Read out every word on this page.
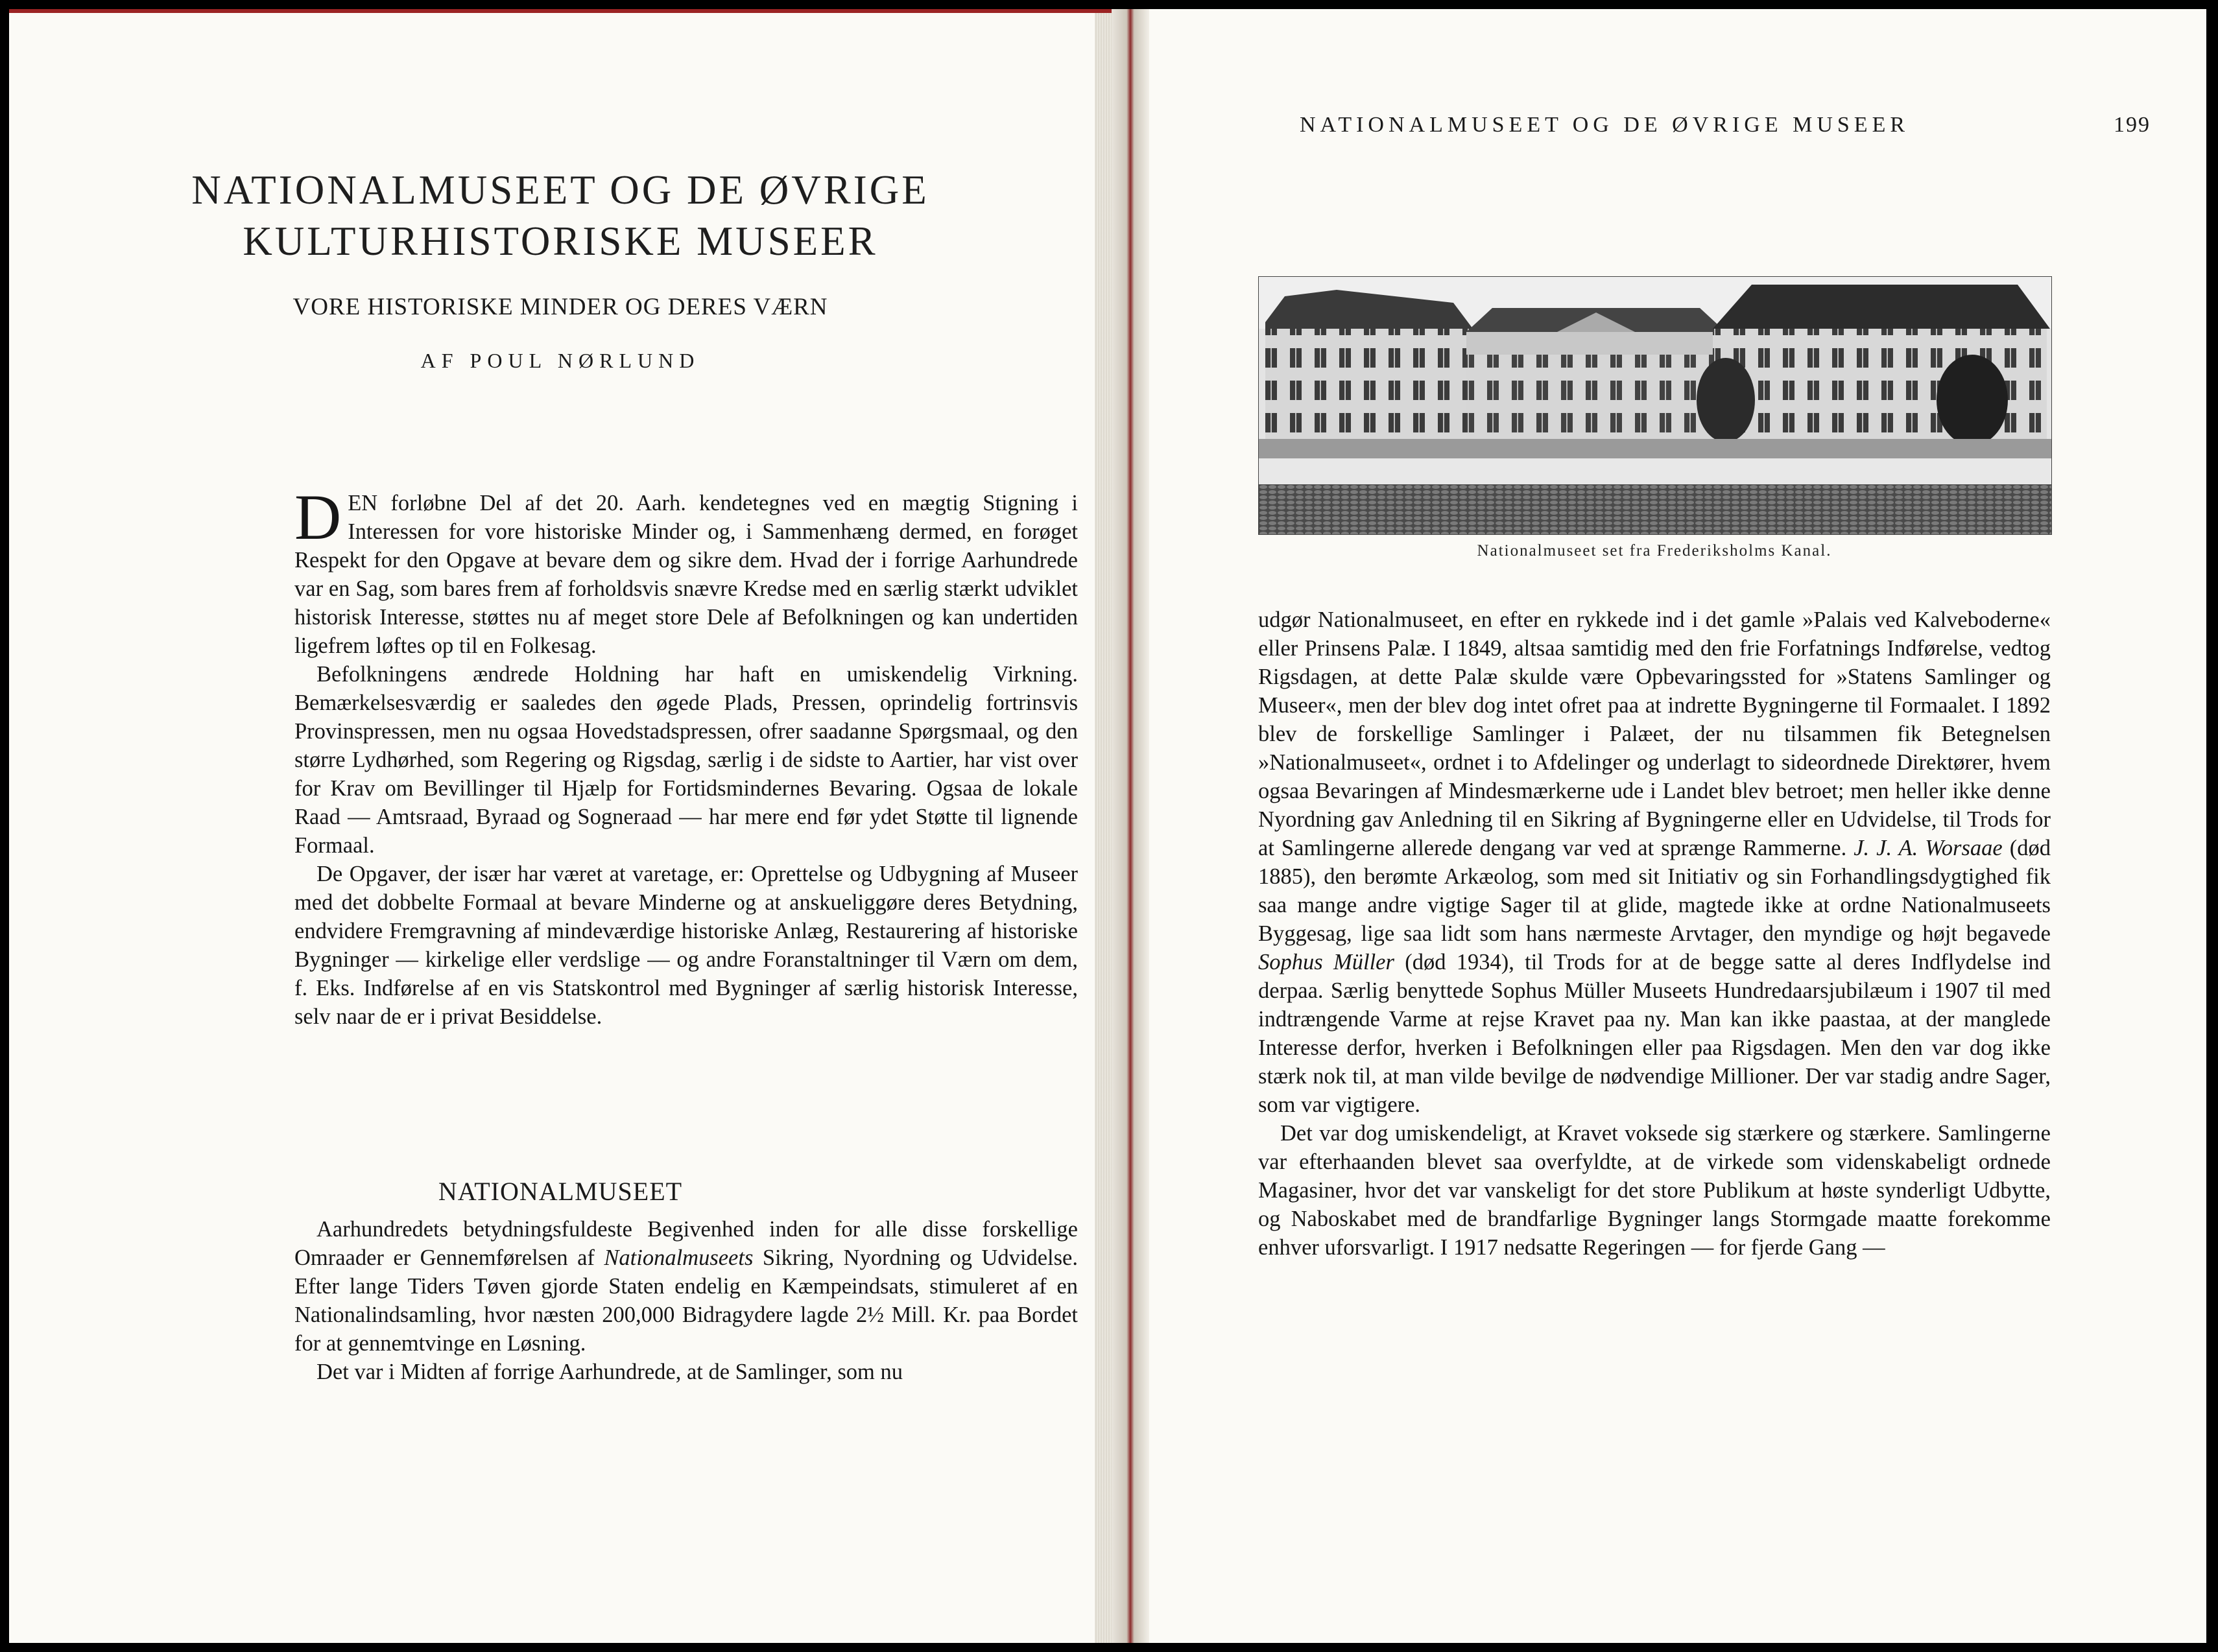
NATIONALMUSEET OG DE ØVRIGE
KULTURHISTORISKE MUSEER
VORE HISTORISKE MINDER OG DERES VÆRN
AF POUL NØRLUND

DEN forløbne Del af det 20. Aarh. kendetegnes ved en mægtig Stigning i Interessen for vore historiske Minder og, i Sammenhæng dermed, en forøget Respekt for den Opgave at bevare dem og sikre dem. Hvad der i forrige Aarhundrede var en Sag, som bares frem af forholdsvis snævre Kredse med en særlig stærkt udviklet historisk Interesse, støttes nu af meget store Dele af Befolkningen og kan undertiden ligefrem løftes op til en Folkesag.

Befolkningens ændrede Holdning har haft en umiskendelig Virkning. Bemærkelsesværdig er saaledes den øgede Plads, Pressen, oprindelig fortrinsvis Provinspressen, men nu ogsaa Hovedstadspressen, ofrer saadanne Spørgsmaal, og den større Lydhørhed, som Regering og Rigsdag, særlig i de sidste to Aartier, har vist over for Krav om Bevillinger til Hjælp for Fortidsmindernes Bevaring. Ogsaa de lokale Raad — Amtsraad, Byraad og Sogneraad — har mere end før ydet Støtte til lignende Formaal.

De Opgaver, der især har været at varetage, er: Oprettelse og Udbygning af Museer med det dobbelte Formaal at bevare Minderne og at anskueliggøre deres Betydning, endvidere Fremgravning af mindeværdige historiske Anlæg, Restaurering af historiske Bygninger — kirkelige eller verdslige — og andre Foranstaltninger til Værn om dem, f. Eks. Indførelse af en vis Statskontrol med Bygninger af særlig historisk Interesse, selv naar de er i privat Besiddelse.

NATIONALMUSEET

Aarhundredets betydningsfuldeste Begivenhed inden for alle disse forskellige Omraader er Gennemførelsen af Nationalmuseets Sikring, Nyordning og Udvidelse. Efter lange Tiders Tøven gjorde Staten endelig en Kæmpeindsats, stimuleret af en Nationalindsamling, hvor næsten 200,000 Bidragydere lagde 2½ Mill. Kr. paa Bordet for at gennemtvinge en Løsning.

Det var i Midten af forrige Aarhundrede, at de Samlinger, som nu

NATIONALMUSEET OG DE ØVRIGE MUSEER	199
Nationalmuseet set fra Frederiksholms Kanal.

udgør Nationalmuseet, en efter en rykkede ind i det gamle »Palais ved Kalveboderne« eller Prinsens Palæ. I 1849, altsaa samtidig med den frie Forfatnings Indførelse, vedtog Rigsdagen, at dette Palæ skulde være Opbevaringssted for »Statens Samlinger og Museer«, men der blev dog intet ofret paa at indrette Bygningerne til Formaalet. I 1892 blev de forskellige Samlinger i Palæet, der nu tilsammen fik Betegnelsen »Nationalmuseet«, ordnet i to Afdelinger og underlagt to sideordnede Direktører, hvem ogsaa Bevaringen af Mindesmærkerne ude i Landet blev betroet; men heller ikke denne Nyordning gav Anledning til en Sikring af Bygningerne eller en Udvidelse, til Trods for at Samlingerne allerede dengang var ved at sprænge Rammerne. J. J. A. Worsaae (død 1885), den berømte Arkæolog, som med sit Initiativ og sin Forhandlingsdygtighed fik saa mange andre vigtige Sager til at glide, magtede ikke at ordne Nationalmuseets Byggesag, lige saa lidt som hans nærmeste Arvtager, den myndige og højt begavede Sophus Müller (død 1934), til Trods for at de begge satte al deres Indflydelse ind derpaa. Særlig benyttede Sophus Müller Museets Hundredaarsjubilæum i 1907 til med indtrængende Varme at rejse Kravet paa ny. Man kan ikke paastaa, at der manglede Interesse derfor, hverken i Befolkningen eller paa Rigsdagen. Men den var dog ikke stærk nok til, at man vilde bevilge de nødvendige Millioner. Der var stadig andre Sager, som var vigtigere.

Det var dog umiskendeligt, at Kravet voksede sig stærkere og stærkere. Samlingerne var efterhaanden blevet saa overfyldte, at de virkede som videnskabeligt ordnede Magasiner, hvor det var vanskeligt for det store Publikum at høste synderligt Udbytte, og Naboskabet med de brandfarlige Bygninger langs Stormgade maatte forekomme enhver uforsvarligt. I 1917 nedsatte Regeringen — for fjerde Gang —
